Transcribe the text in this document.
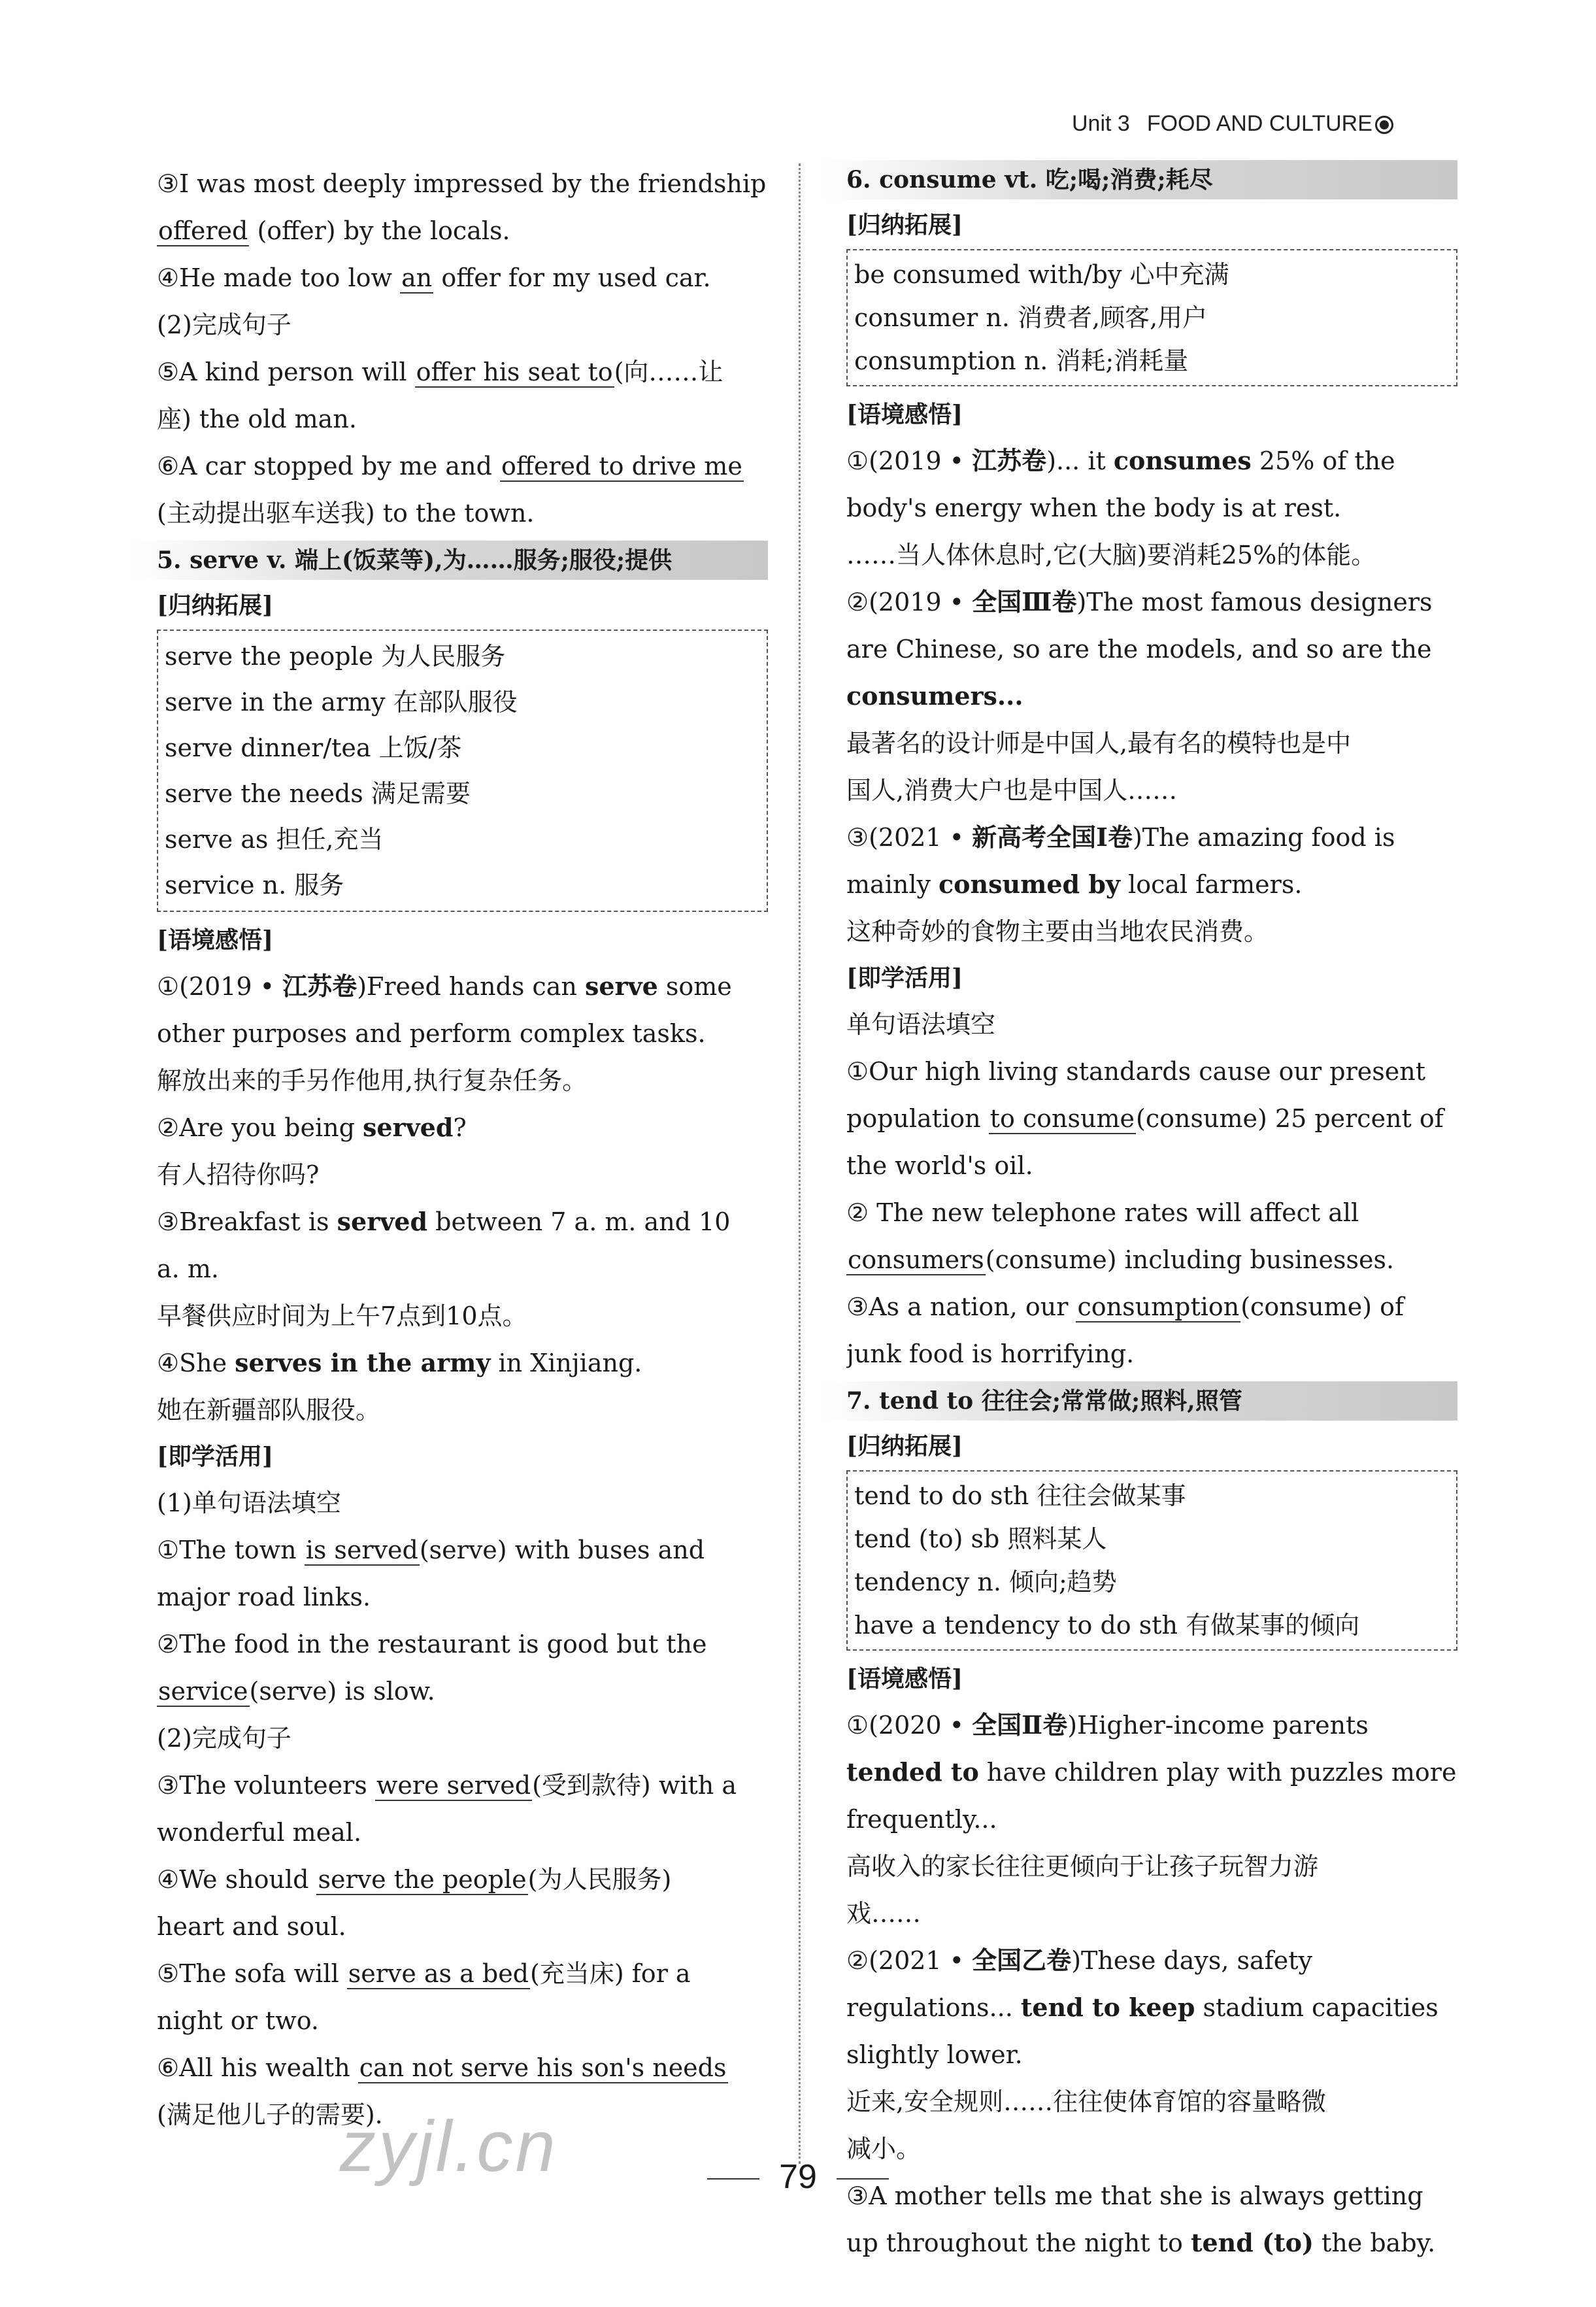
Unit 3 FOOD AND CULTURE
③I was most deeply impressed by the friendship
offered (offer) by the locals.
④He made too low an offer for my used car.
(2)完成句子
⑤A kind person will offer his seat to(向……让
座) the old man.
⑥A car stopped by me and offered to drive me
(主动提出驱车送我) to the town.
5. serve v. 端上(饭菜等),为……服务;服役;提供
[归纳拓展]
serve the people 为人民服务
serve in the army 在部队服役
serve dinner/tea 上饭/茶
serve the needs 满足需要
serve as 担任,充当
service n. 服务
[语境感悟]
①(2019 • 江苏卷)Freed hands can serve some
other purposes and perform complex tasks.
解放出来的手另作他用,执行复杂任务。
②Are you being served?
有人招待你吗?
③Breakfast is served between 7 a. m. and 10
a. m.
早餐供应时间为上午7点到10点。
④She serves in the army in Xinjiang.
她在新疆部队服役。
[即学活用]
(1)单句语法填空
①The town is served(serve) with buses and
major road links.
②The food in the restaurant is good but the
service(serve) is slow.
(2)完成句子
③The volunteers were served(受到款待) with a
wonderful meal.
④We should serve the people(为人民服务)
heart and soul.
⑤The sofa will serve as a bed(充当床) for a
night or two.
⑥All his wealth can not serve his son's needs
(满足他儿子的需要).
6. consume vt. 吃;喝;消费;耗尽
[归纳拓展]
be consumed with/by 心中充满
consumer n. 消费者,顾客,用户
consumption n. 消耗;消耗量
[语境感悟]
①(2019 • 江苏卷)... it consumes 25% of the
body's energy when the body is at rest.
……当人体休息时,它(大脑)要消耗25%的体能。
②(2019 • 全国Ⅲ卷)The most famous designers
are Chinese, so are the models, and so are the
consumers...
最著名的设计师是中国人,最有名的模特也是中
国人,消费大户也是中国人……
③(2021 • 新高考全国Ⅰ卷)The amazing food is
mainly consumed by local farmers.
这种奇妙的食物主要由当地农民消费。
[即学活用]
单句语法填空
①Our high living standards cause our present
population to consume(consume) 25 percent of
the world's oil.
② The new telephone rates will affect all
consumers(consume) including businesses.
③As a nation, our consumption(consume) of
junk food is horrifying.
7. tend to 往往会;常常做;照料,照管
[归纳拓展]
tend to do sth 往往会做某事
tend (to) sb 照料某人
tendency n. 倾向;趋势
have a tendency to do sth 有做某事的倾向
[语境感悟]
①(2020 • 全国Ⅱ卷)Higher-income parents
tended to have children play with puzzles more
frequently...
高收入的家长往往更倾向于让孩子玩智力游
戏……
②(2021 • 全国乙卷)These days, safety
regulations... tend to keep stadium capacities
slightly lower.
近来,安全规则……往往使体育馆的容量略微
减小。
③A mother tells me that she is always getting
up throughout the night to tend (to) the baby.
zyjl.cn	79
